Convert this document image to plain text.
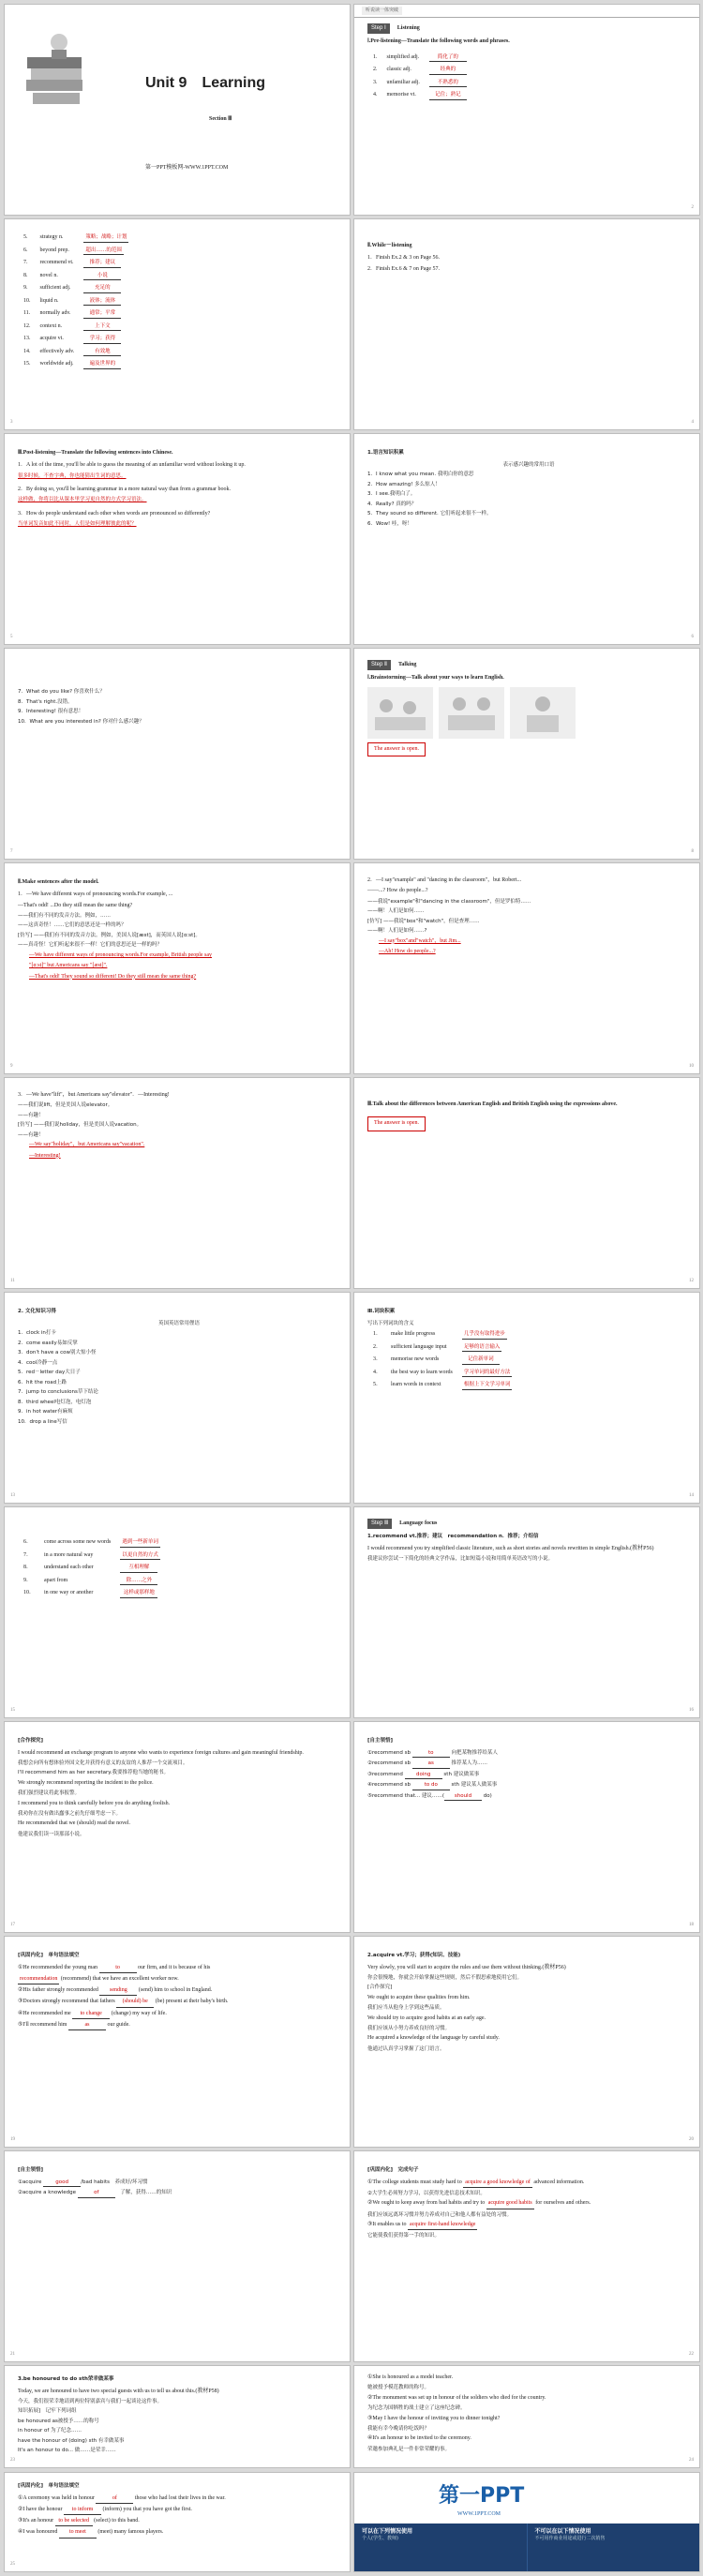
Unit 9　Learning
Section Ⅲ
第一PPT模板网-WWW.1PPT.COM
听说读一体突破
Step Ⅰ	Listening
Ⅰ.Pre-listening—Translate the following words and phrases.
1.	simplified adj.	简化了的
2.	classic adj.	经典的
3.	unfamiliar adj.	不熟悉的
4.	memorise vt.	记住；熟记
2
5.	strategy n.	策略；战略；计划
6.	beyond prep.	超出……的范围
7.	recommend vt.	推荐；建议
8.	novel n.	小说
9.	sufficient adj.	充足的
10.	liquid n.	液体；流体
11.	normally adv.	通常；平常
12.	context n.	上下文
13.	acquire vt.	学习；获得
14.	effectively adv.	有效地
15.	worldwide adj.	遍及世界的
3
Ⅱ.While－listening
1．Finish Ex.2 & 3 on Page 56.
2．Finish Ex.6 & 7 on Page 57.
4
Ⅲ.Post-listening—Translate the following sentences into Chinese.
1．A lot of the time, you'll be able to guess the meaning of an unfamiliar word without looking it up.
很多时候，不查字典，你也能猜出生词的意思。
2．By doing so, you'll be learning grammar in a more natural way than from a grammar book.
这样做，你将以比从课本里学习更自然的方式学习语法。
3．How do people understand each other when words are pronounced so differently?
当单词发音如此不同时，人们是如何理解彼此的呢？
5
1.语言知识积累
表示感兴趣的常用口语
1．I know what you mean. 我明白你的意思
2．How amazing! 多么惊人！
3．I see.我明白了。
4．Really? 真的吗？
5．They sound so different. 它们听起来很不一样。
6．Wow! 哇，呀！
6
7．What do you like? 你喜欢什么？
8．That's right.没错。
9．Interesting! 很有意思！
10．What are you interested in? 你对什么感兴趣？
7
Step Ⅱ	Talking
Ⅰ.Brainstorming—Talk about your ways to learn English.
The answer is open.
8
Ⅱ.Make sentences after the model.
1．—We have different ways of pronouncing words.For example, ...
—That's odd! ...Do they still mean the same thing?
——我们有不同的发音方法。例如，……
——这真奇怪！……它们的意思还是一样的吗？
[仿写] ——我们有不同的发音方法。例如，美国人说[æst]，而英国人说[ɑːst]。
——真奇怪！它们听起来很不一样！它们的意思还是一样的吗？
—We have different ways of pronouncing words.For example, British people say
"[ɑːst]" but Americans say "[æst]".
—That's odd! They sound so different! Do they still mean the same thing?
9
2．—I say"example" and "dancing in the classroom"，but Robert...
——...? How do people...?
——我说"example"和"dancing in the classroom"，但是罗伯特……
——啊！人们是如何……
[仿写] ——我说"box"和"watch"，但是查理……
——啊！人们是如何……?
—I say"box"and"watch"，but Jim...
—Ah! How do people...?
10
3．—We have"lift"，but Americans say"elevator"．—Interesting!
——我们说lift，但是美国人说elevator。
——有趣！
[仿写] ——我们说holiday，但是美国人说vacation。
——有趣！
—We say"holiday"，but Americans say"vacation".
—Interesting!
11
Ⅲ.Talk about the differences between American English and British English using the expressions above.
The answer is open.
12
2. 文化知识习得
英国英语常用俚语
1．clock in打卡
2．come easily易如反掌
3．don't have a cow别大惊小怪
4．cool冷静一点
5．red－letter day大日子
6．hit the road上路
7．jump to conclusions草下结论
8．third wheel电灯泡，电灯泡
9．in hot water有麻烦
10．drop a line写信
13
Ⅲ.词块积累
写出下列词块的含义
1．	make little progress	几乎没有取得进步
2．	sufficient language input	足够的语言输入
3．	memorise new words	记住新单词
4．	the best way to learn words	学习单词的最好方法
5．	learn words in context	根据上下文学习单词
14
6．	come across some new words	遇到一些新单词
7．	in a more natural way	以更自然的方式
8．	understand each other	互相理解
9．	apart from	除……之外
10．	in one way or another	这样或那样地
15
Step Ⅲ	Language focus
1.recommend vt.推荐；建议　recommendation n．推荐；介绍信
I would recommend you try simplified classic literature, such as short stories and novels rewritten in simple English.(教材P56)
我建议你尝试一下简化的经典文学作品，比如短篇小说和用简单英语改写的小说。
16
[合作探究]
I would recommend an exchange program to anyone who wants to experience foreign cultures and gain meaningful friendship.
我想会向所有想体验外国文化并获得有意义的友谊的人推荐一个交流项目。
I'll recommend him as her secretary.我要推荐他当她的秘书。
We strongly recommend reporting the incident to the police.
我们强烈建议将此事报警。
I recommend you to think carefully before you do anything foolish.
我劝你在没有做出蠢事之前先仔细考虑一下。
He recommended that we (should) read the novel.
他建议我们读一读那部小说。
17
[自主领悟]
①recommend sb	to	向把某物推荐给某人
②recommend sb	as	推荐某人为……
③recommend doing sth 建议做某事
④recommend sb to do sth 建议某人做某事
⑤recommend that... 建议……( should do)
18
[巩固内化]　单句语法填空
①He recommended the young man	to	our firm, and it is because of his
recommendation (recommend) that we have an excellent worker now.
②His father strongly recommended sending (send) him to school in England.
③Doctors strongly recommend that fathers (should) be (be) present at their baby's birth.
④He recommended me to change (change) my way of life.
⑤I'll recommend him	as	our guide.
19
2.acquire vt.学习；获得(知识、技能)
Very slowly, you will start to acquire the rules and use them without thinking.(教材P56)
你会很慢地，你就会开始掌握这些规则，然后不假思索地使用它们。
[合作探究]
We ought to acquire these qualities from him.
我们应当从他身上学到这些品质。
We should try to acquire good habits at an early age.
我们应该从小努力养成良好的习惯。
He acquired a knowledge of the language by careful study.
他通过认真学习掌握了这门语言。
20
[自主领悟]
①acquire good /bad habits　养成好/坏习惯
②acquire a knowledge	of	　了解，获得……的知识
21
[巩固内化]　完成句子
①The college students must study hard to acquire a good knowledge of advanced information.
②大学生必须努力学习，以获得先进信息技术知识。
②We ought to keep away from bad habits and try to acquire good habits for ourselves and others.
我们应该远离坏习惯并努力养成对自己和他人都有益处的习惯。
③It enables us to acquire first-hand knowledge
它能使我们获得第一手的知识。
22
3.be honoured to do sth荣幸做某事
Today, we are honoured to have two special guests with us to tell us about this.(教材P58)
今天，我们很荣幸地请到两位特别嘉宾与我们一起谈论这件事。
知识拓展]　记牢下列词组
be honoured as被授予……的称号
in honour of 为了纪念……
have the honour of (doing) sth 有幸做某事
It's an honour to do... 做……是荣幸……
23
①She is honoured as a model teacher.
她被授予模范教师的称号。
②The monument was set up in honour of the soldiers who died for the country.
为纪念为国牺牲的战士建立了这座纪念碑。
③May I have the honour of inviting you to dinner tonight?
我能有幸今晚请你吃饭吗？
④It's an honour to be invited to the ceremony.
荣邀参加典礼是一件非常荣耀的事。
24
[巩固内化]　单句语法填空
①A ceremony was held in honour	of	those who had lost their lives in the war.
②I have the honour to inform (inform) you that you have got the first.
③It's an honour to be selected (select) to this band.
④I was honoured to meet (meet) many famous players.
25
第一PPT
WWW.1PPT.COM
可以在下列情况使用
个人(学生、教师)
不可以在以下情况使用
不可用作商业用途或进行二次销售
